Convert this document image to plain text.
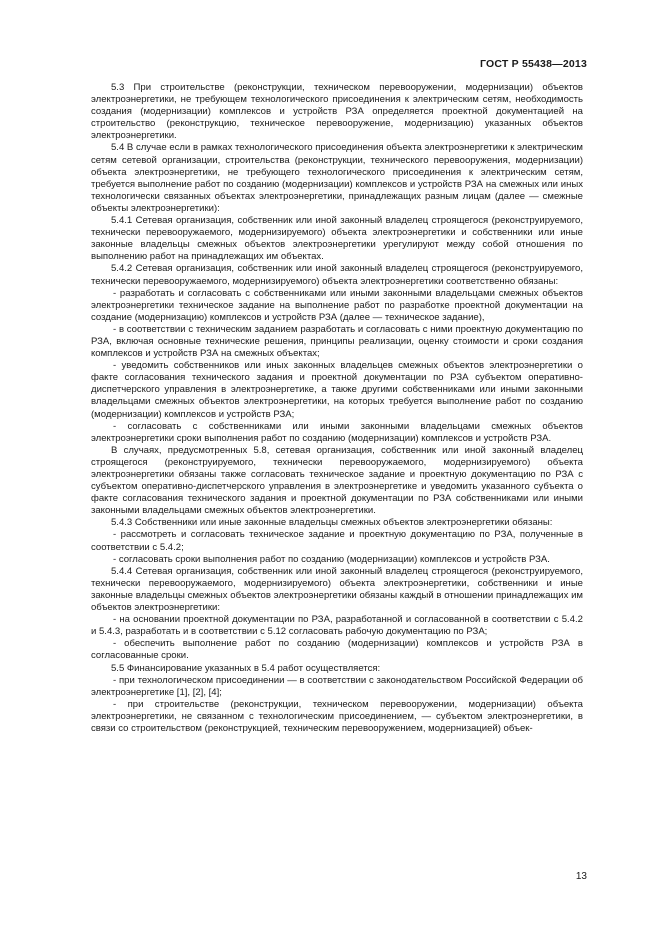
ГОСТ Р 55438—2013

5.3 При строительстве (реконструкции, техническом перевооружении, модернизации) объектов электроэнергетики, не требующем технологического присоединения к электрическим сетям, необходимость создания (модернизации) комплексов и устройств РЗА определяется проектной документацией на строительство (реконструкцию, техническое перевооружение, модернизацию) указанных объектов электроэнергетики.

5.4 В случае если в рамках технологического присоединения объекта электроэнергетики к электрическим сетям сетевой организации, строительства (реконструкции, технического перевооружения, модернизации) объекта электроэнергетики, не требующего технологического присоединения к электрическим сетям, требуется выполнение работ по созданию (модернизации) комплексов и устройств РЗА на смежных или иных технологически связанных объектах электроэнергетики, принадлежащих разным лицам (далее — смежные объекты электроэнергетики):

5.4.1 Сетевая организация, собственник или иной законный владелец строящегося (реконструируемого, технически перевооружаемого, модернизируемого) объекта электроэнергетики и собственники или иные законные владельцы смежных объектов электроэнергетики урегулируют между собой отношения по выполнению работ на принадлежащих им объектах.

5.4.2 Сетевая организация, собственник или иной законный владелец строящегося (реконструируемого, технически перевооружаемого, модернизируемого) объекта электроэнергетики соответственно обязаны:

- разработать и согласовать с собственниками или иными законными владельцами смежных объектов электроэнергетики техническое задание на выполнение работ по разработке проектной документации на создание (модернизацию) комплексов и устройств РЗА (далее — техническое задание),

- в соответствии с техническим заданием разработать и согласовать с ними проектную документацию по РЗА, включая основные технические решения, принципы реализации, оценку стоимости и сроки создания комплексов и устройств РЗА на смежных объектах;

- уведомить собственников или иных законных владельцев смежных объектов электроэнергетики о факте согласования технического задания и проектной документации по РЗА субъектом оперативно-диспетчерского управления в электроэнергетике, а также другими собственниками или иными законными владельцами смежных объектов электроэнергетики, на которых требуется выполнение работ по созданию (модернизации) комплексов и устройств РЗА;

- согласовать с собственниками или иными законными владельцами смежных объектов электроэнергетики сроки выполнения работ по созданию (модернизации) комплексов и устройств РЗА.

В случаях, предусмотренных 5.8, сетевая организация, собственник или иной законный владелец строящегося (реконструируемого, технически перевооружаемого, модернизируемого) объекта электроэнергетики обязаны также согласовать техническое задание и проектную документацию по РЗА с субъектом оперативно-диспетчерского управления в электроэнергетике и уведомить указанного субъекта о факте согласования технического задания и проектной документации по РЗА собственниками или иными законными владельцами смежных объектов электроэнергетики.

5.4.3 Собственники или иные законные владельцы смежных объектов электроэнергетики обязаны:

- рассмотреть и согласовать техническое задание и проектную документацию по РЗА, полученные в соответствии с 5.4.2;

- согласовать сроки выполнения работ по созданию (модернизации) комплексов и устройств РЗА.

5.4.4 Сетевая организация, собственник или иной законный владелец строящегося (реконструируемого, технически перевооружаемого, модернизируемого) объекта электроэнергетики, собственники и иные законные владельцы смежных объектов электроэнергетики обязаны каждый в отношении принадлежащих им объектов электроэнергетики:

- на основании проектной документации по РЗА, разработанной и согласованной в соответствии с 5.4.2 и 5.4.3, разработать и в соответствии с 5.12 согласовать рабочую документацию по РЗА;

- обеспечить выполнение работ по созданию (модернизации) комплексов и устройств РЗА в согласованные сроки.

5.5 Финансирование указанных в 5.4 работ осуществляется:

- при технологическом присоединении — в соответствии с законодательством Российской Федерации об электроэнергетике [1], [2], [4];

- при строительстве (реконструкции, техническом перевооружении, модернизации) объекта электроэнергетики, не связанном с технологическим присоединением, — субъектом электроэнергетики, в связи со строительством (реконструкцией, техническим перевооружением, модернизацией) объек-

13
